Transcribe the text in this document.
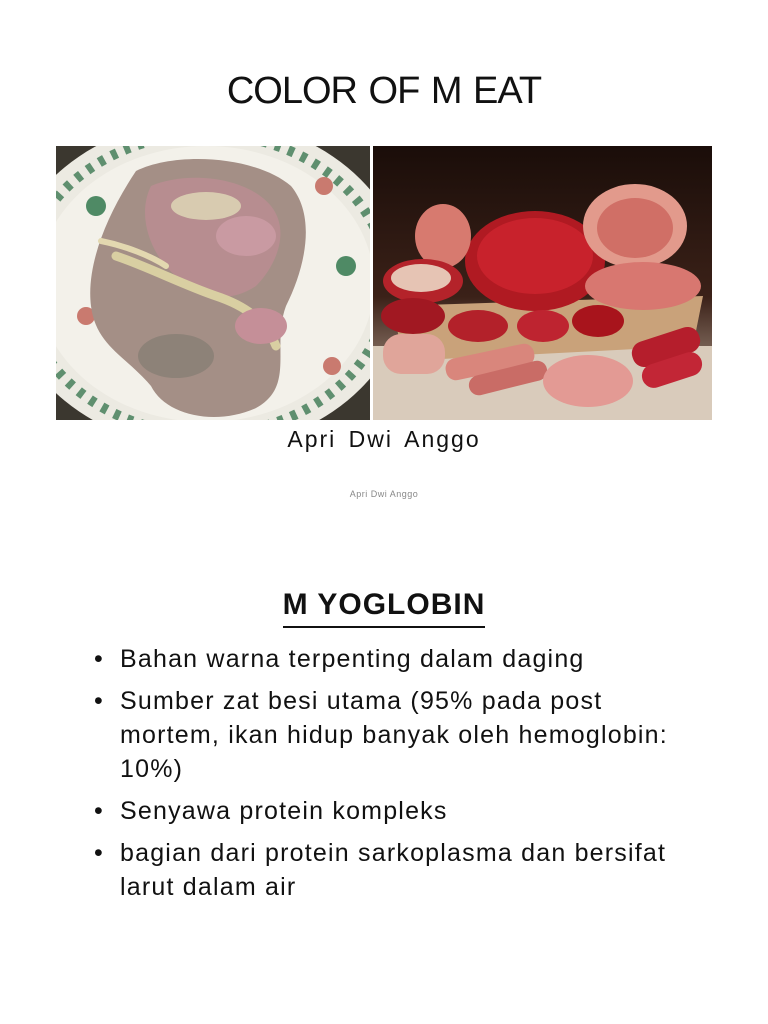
COLOR OF M EAT
Apri Dwi Anggo
Apri Dwi Anggo
M YOGLOBIN
• Bahan warna terpenting dalam daging
• Sumber zat besi utama (95% pada post mortem, ikan hidup banyak oleh hemoglobin: 10%)
• Senyawa protein kompleks
• bagian dari protein sarkoplasma dan bersifat larut dalam air
